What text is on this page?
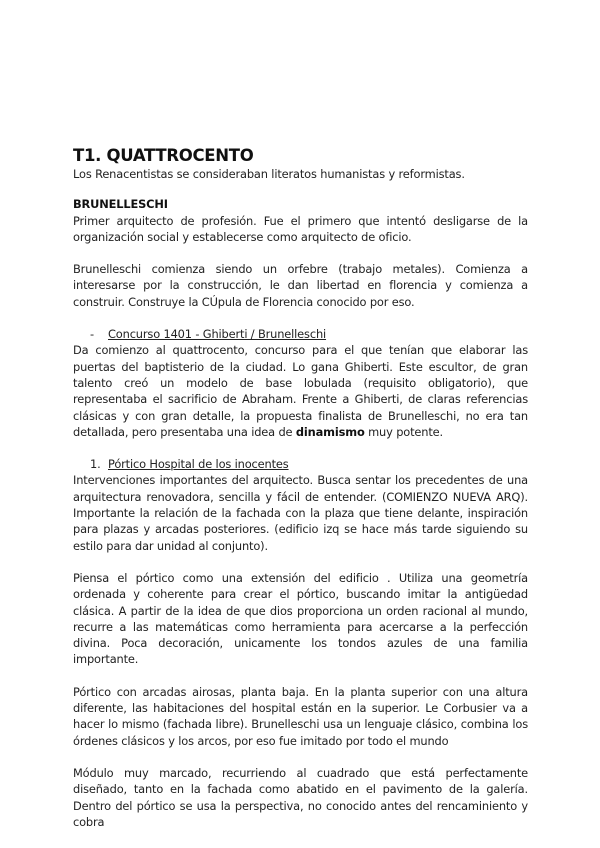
T1. QUATTROCENTO

Los Renacentistas se consideraban literatos humanistas y reformistas.

BRUNELLESCHI

Primer arquitecto de profesión. Fue el primero que intentó desligarse de la organización social y establecerse como arquitecto de oficio.

Brunelleschi comienza siendo un orfebre (trabajo metales). Comienza a interesarse por la construcción, le dan libertad en florencia y comienza a construir. Construye la CÚpula de Florencia conocido por eso.

- Concurso 1401 - Ghiberti / Brunelleschi

Da comienzo al quattrocento, concurso para el que tenían que elaborar las puertas del baptisterio de la ciudad. Lo gana Ghiberti. Este escultor, de gran talento creó un modelo de base lobulada (requisito obligatorio), que representaba el sacrificio de Abraham. Frente a Ghiberti, de claras referencias clásicas y con gran detalle, la propuesta finalista de Brunelleschi, no era tan detallada, pero presentaba una idea de dinamismo muy potente.

1. Pórtico Hospital de los inocentes

Intervenciones importantes del arquitecto. Busca sentar los precedentes de una arquitectura renovadora, sencilla y fácil de entender. (COMIENZO NUEVA ARQ). Importante la relación de la fachada con la plaza que tiene delante, inspiración para plazas y arcadas posteriores. (edificio izq se hace más tarde siguiendo su estilo para dar unidad al conjunto).

Piensa el pórtico como una extensión del edificio . Utiliza una geometría ordenada y coherente para crear el pórtico, buscando imitar la antigüedad clásica. A partir de la idea de que dios proporciona un orden racional al mundo, recurre a las matemáticas como herramienta para acercarse a la perfección divina. Poca decoración, unicamente los tondos azules de una familia importante.

Pórtico con arcadas airosas, planta baja. En la planta superior con una altura diferente, las habitaciones del hospital están en la superior. Le Corbusier va a hacer lo mismo (fachada libre). Brunelleschi usa un lenguaje clásico, combina los órdenes clásicos y los arcos, por eso fue imitado por todo el mundo

Módulo muy marcado, recurriendo al cuadrado que está perfectamente diseñado, tanto en la fachada como abatido en el pavimento de la galería. Dentro del pórtico se usa la perspectiva, no conocido antes del rencaminiento y cobra
